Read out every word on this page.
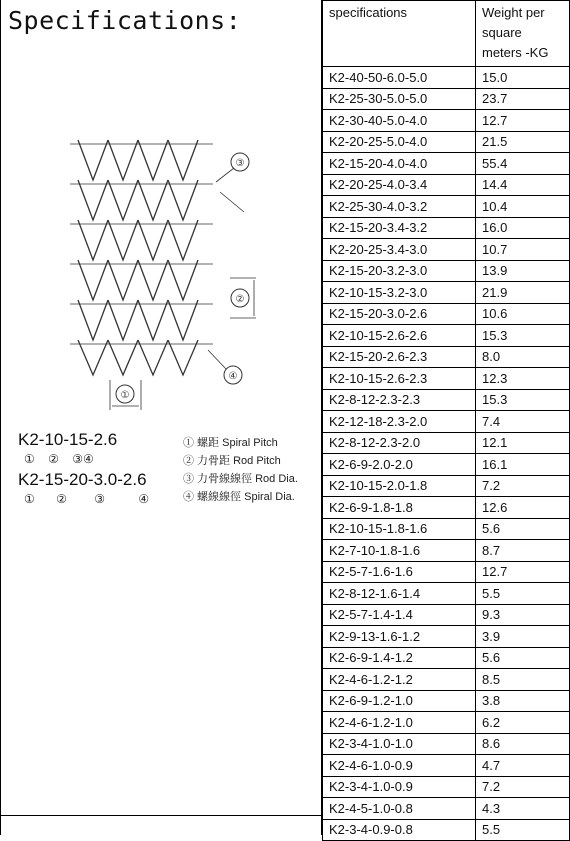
Specifications:
③
②
④
①
K2-10-15-2.6
① ② ③④
K2-15-20-3.0-2.6
① ② ③	④
① 螺距 Spiral Pitch
② 力骨距 Rod Pitch
③ 力骨線線徑 Rod Dia.
④ 螺線線徑 Spiral Dia.
specifications	Weight per square meters -KG
K2-40-50-6.0-5.0	15.0
K2-25-30-5.0-5.0	23.7
K2-30-40-5.0-4.0	12.7
K2-20-25-5.0-4.0	21.5
K2-15-20-4.0-4.0	55.4
K2-20-25-4.0-3.4	14.4
K2-25-30-4.0-3.2	10.4
K2-15-20-3.4-3.2	16.0
K2-20-25-3.4-3.0	10.7
K2-15-20-3.2-3.0	13.9
K2-10-15-3.2-3.0	21.9
K2-15-20-3.0-2.6	10.6
K2-10-15-2.6-2.6	15.3
K2-15-20-2.6-2.3	8.0
K2-10-15-2.6-2.3	12.3
K2-8-12-2.3-2.3	15.3
K2-12-18-2.3-2.0	7.4
K2-8-12-2.3-2.0	12.1
K2-6-9-2.0-2.0	16.1
K2-10-15-2.0-1.8	7.2
K2-6-9-1.8-1.8	12.6
K2-10-15-1.8-1.6	5.6
K2-7-10-1.8-1.6	8.7
K2-5-7-1.6-1.6	12.7
K2-8-12-1.6-1.4	5.5
K2-5-7-1.4-1.4	9.3
K2-9-13-1.6-1.2	3.9
K2-6-9-1.4-1.2	5.6
K2-4-6-1.2-1.2	8.5
K2-6-9-1.2-1.0	3.8
K2-4-6-1.2-1.0	6.2
K2-3-4-1.0-1.0	8.6
K2-4-6-1.0-0.9	4.7
K2-3-4-1.0-0.9	7.2
K2-4-5-1.0-0.8	4.3
K2-3-4-0.9-0.8	5.5
